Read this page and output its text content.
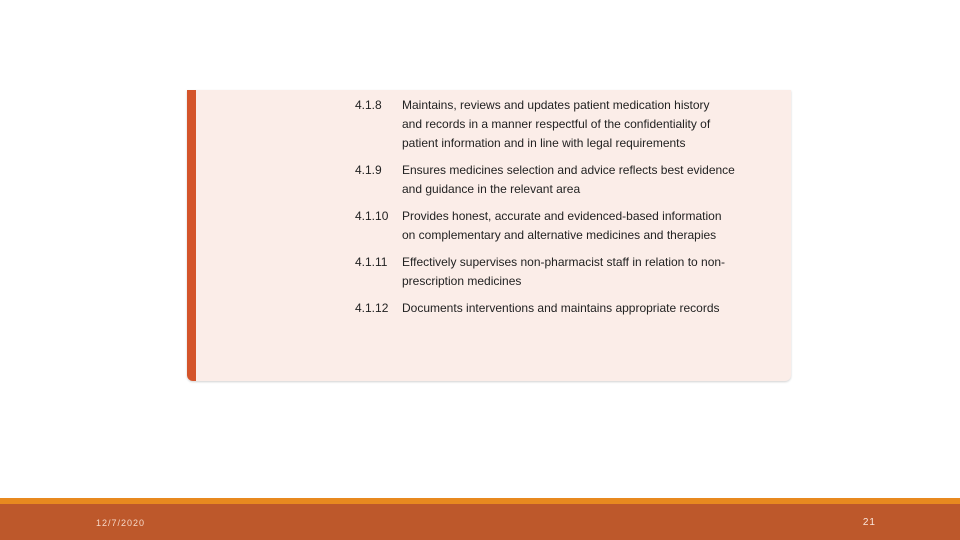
4.1.8	Maintains, reviews and updates patient medication history
and records in a manner respectful of the confidentiality of
patient information and in line with legal requirements
4.1.9	Ensures medicines selection and advice reflects best evidence
and guidance in the relevant area
4.1.10	Provides honest, accurate and evidenced-based information
on complementary and alternative medicines and therapies
4.1.11	Effectively supervises non-pharmacist staff in relation to non-
prescription medicines
4.1.12	Documents interventions and maintains appropriate records
12/7/2020	21
